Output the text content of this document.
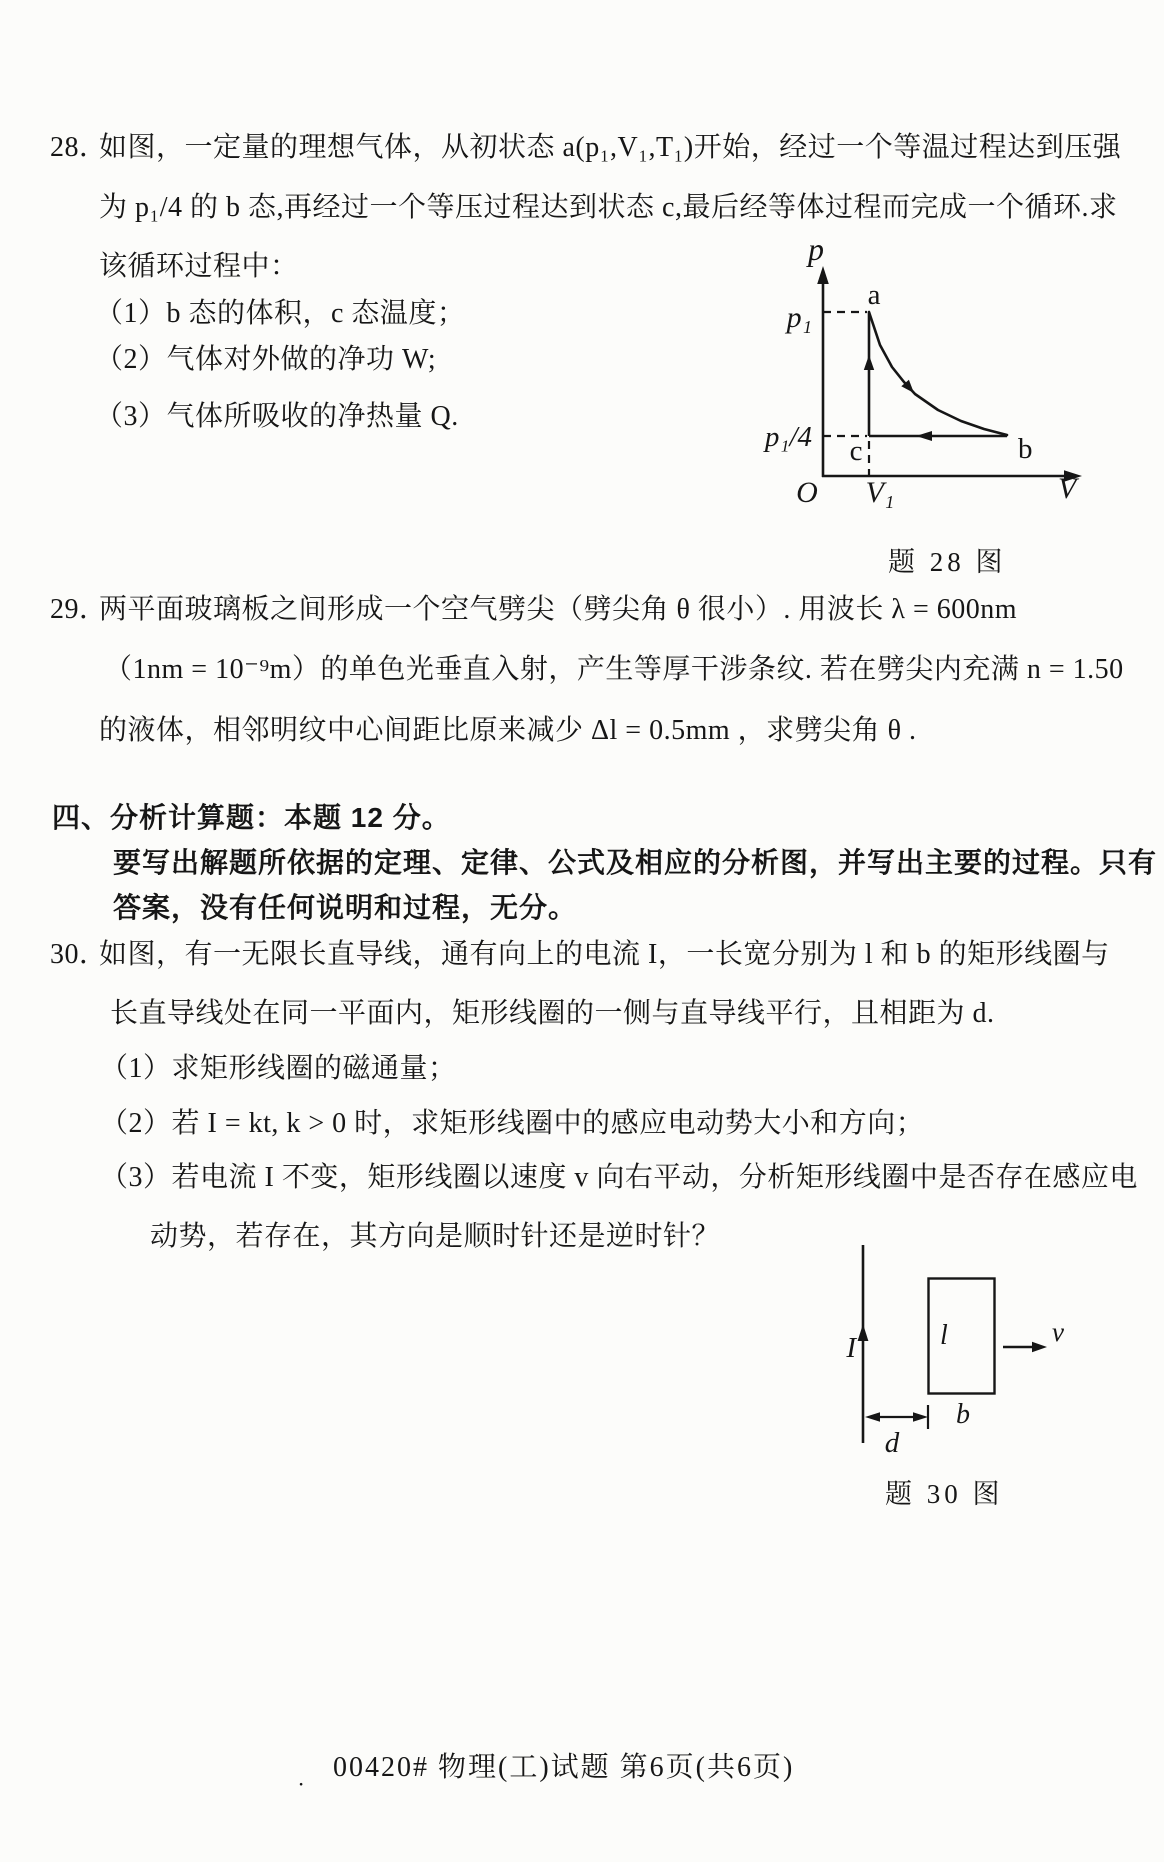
28．
如图，一定量的理想气体，从初状态 a(p₁,V₁,T₁)开始，经过一个等温过程达到压强
为 p₁/4 的 b 态,再经过一个等压过程达到状态 c,最后经等体过程而完成一个循环.求
该循环过程中：
（1）b 态的体积，c 态温度；
（2）气体对外做的净功 W;
（3）气体所吸收的净热量 Q.
p
V
p₁
p₁/4
O V₁
a
b
c
题 28 图
29．
两平面玻璃板之间形成一个空气劈尖（劈尖角 θ 很小）. 用波长 λ = 600nm
（1nm = 10⁻⁹m）的单色光垂直入射，产生等厚干涉条纹. 若在劈尖内充满 n = 1.50
的液体，相邻明纹中心间距比原来减少 Δl = 0.5mm ，求劈尖角 θ .
四、分析计算题：本题 12 分。
要写出解题所依据的定理、定律、公式及相应的分析图，并写出主要的过程。只有
答案，没有任何说明和过程，无分。
30．
如图，有一无限长直导线，通有向上的电流 I，一长宽分别为 l 和 b 的矩形线圈与
长直导线处在同一平面内，矩形线圈的一侧与直导线平行，且相距为 d.
（1）求矩形线圈的磁通量；
（2）若 I = kt, k > 0 时，求矩形线圈中的感应电动势大小和方向；
（3）若电流 I 不变，矩形线圈以速度 v 向右平动，分析矩形线圈中是否存在感应电
动势，若存在，其方向是顺时针还是逆时针？
I	l
b
v
d
题 30 图
． 00420# 物理(工)试题 第6页(共6页)
